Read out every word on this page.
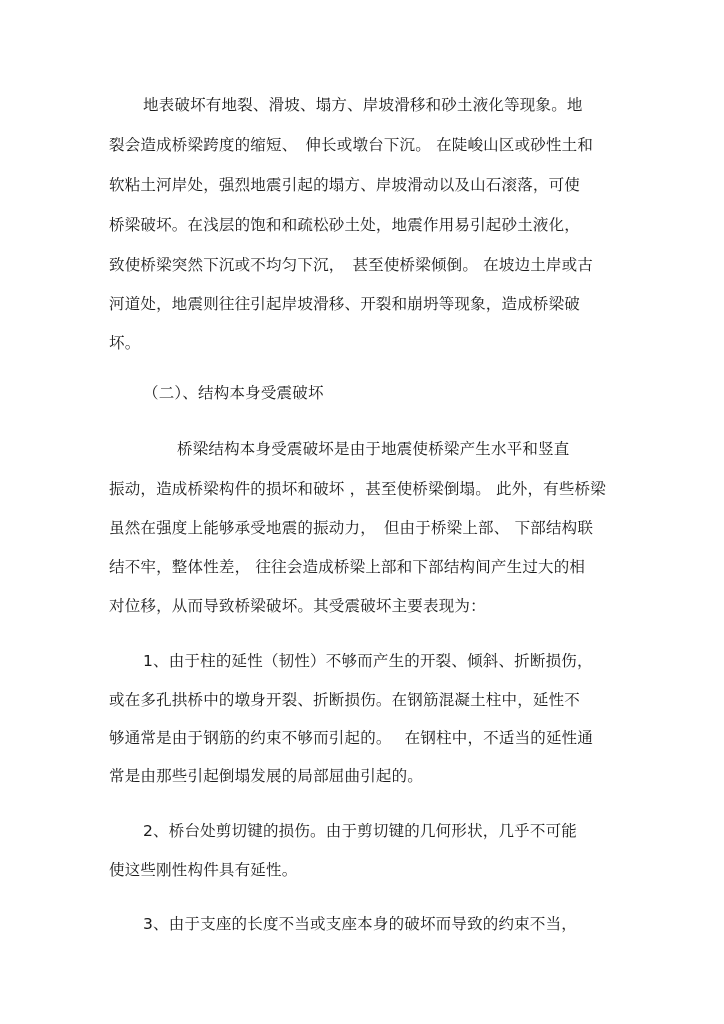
地表破坏有地裂、滑坡、塌方、岸坡滑移和砂土液化等现象。地
裂会造成桥梁跨度的缩短、　伸长或墩台下沉。 在陡峻山区或砂性土和
软粘土河岸处，强烈地震引起的塌方、岸坡滑动以及山石滚落，可使
桥梁破坏。在浅层的饱和和疏松砂土处，地震作用易引起砂土液化，
致使桥梁突然下沉或不均匀下沉，　甚至使桥梁倾倒。 在坡边土岸或古
河道处，地震则往往引起岸坡滑移、开裂和崩坍等现象，造成桥梁破
坏。
（二）、结构本身受震破坏
桥梁结构本身受震破坏是由于地震使桥梁产生水平和竖直
振动，造成桥梁构件的损坏和破坏 ，甚至使桥梁倒塌。 此外，有些桥梁
虽然在强度上能够承受地震的振动力，　但由于桥梁上部、 下部结构联
结不牢，整体性差， 往往会造成桥梁上部和下部结构间产生过大的相
对位移，从而导致桥梁破坏。其受震破坏主要表现为：
1、由于柱的延性（韧性）不够而产生的开裂、倾斜、折断损伤，
或在多孔拱桥中的墩身开裂、折断损伤。在钢筋混凝土柱中，延性不
够通常是由于钢筋的约束不够而引起的。　 在钢柱中，不适当的延性通
常是由那些引起倒塌发展的局部屈曲引起的。
2、桥台处剪切键的损伤。由于剪切键的几何形状，几乎不可能
使这些刚性构件具有延性。
3、由于支座的长度不当或支座本身的破坏而导致的约束不当，
